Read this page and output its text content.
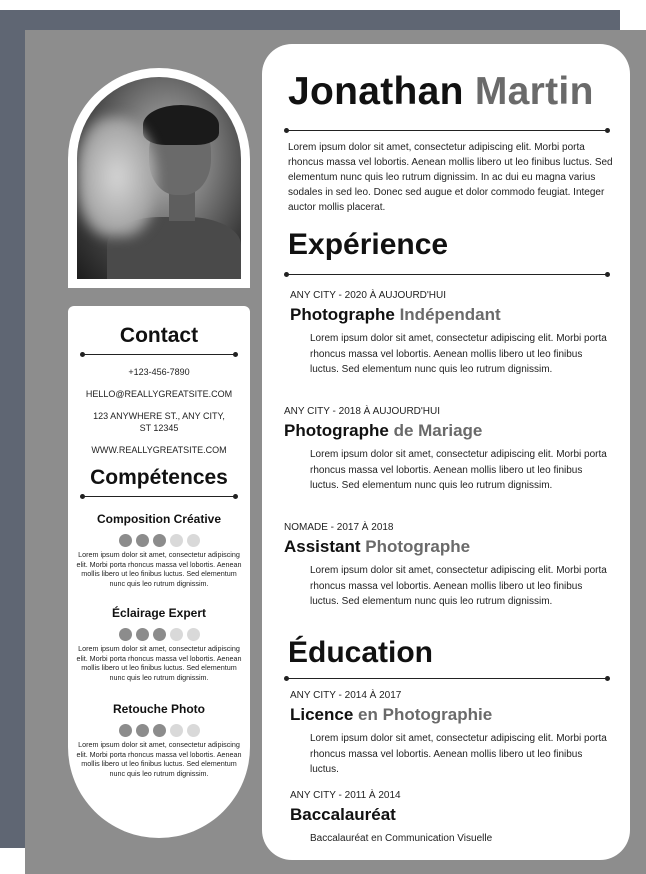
Contact
+123-456-7890
HELLO@REALLYGREATSITE.COM
123 ANYWHERE ST., ANY CITY, ST 12345
WWW.REALLYGREATSITE.COM
Compétences
Composition Créative
Lorem ipsum dolor sit amet, consectetur adipiscing elit. Morbi porta rhoncus massa vel lobortis. Aenean mollis libero ut leo finibus luctus. Sed elementum nunc quis leo rutrum dignissim.
Éclairage Expert
Lorem ipsum dolor sit amet, consectetur adipiscing elit. Morbi porta rhoncus massa vel lobortis. Aenean mollis libero ut leo finibus luctus. Sed elementum nunc quis leo rutrum dignissim.
Retouche Photo
Lorem ipsum dolor sit amet, consectetur adipiscing elit. Morbi porta rhoncus massa vel lobortis. Aenean mollis libero ut leo finibus luctus. Sed elementum nunc quis leo rutrum dignissim.
Jonathan Martin
Lorem ipsum dolor sit amet, consectetur adipiscing elit. Morbi porta rhoncus massa vel lobortis. Aenean mollis libero ut leo finibus luctus. Sed elementum nunc quis leo rutrum dignissim. In ac dui eu magna varius sodales in sed leo. Donec sed augue et dolor commodo feugiat. Integer auctor mollis placerat.
Expérience
ANY CITY - 2020 À AUJOURD'HUI
Photographe Indépendant
Lorem ipsum dolor sit amet, consectetur adipiscing elit. Morbi porta rhoncus massa vel lobortis. Aenean mollis libero ut leo finibus luctus. Sed elementum nunc quis leo rutrum dignissim.
ANY CITY - 2018 À AUJOURD'HUI
Photographe de Mariage
Lorem ipsum dolor sit amet, consectetur adipiscing elit. Morbi porta rhoncus massa vel lobortis. Aenean mollis libero ut leo finibus luctus. Sed elementum nunc quis leo rutrum dignissim.
NOMADE - 2017 À 2018
Assistant Photographe
Lorem ipsum dolor sit amet, consectetur adipiscing elit. Morbi porta rhoncus massa vel lobortis. Aenean mollis libero ut leo finibus luctus. Sed elementum nunc quis leo rutrum dignissim.
Éducation
ANY CITY - 2014 À 2017
Licence en Photographie
Lorem ipsum dolor sit amet, consectetur adipiscing elit. Morbi porta rhoncus massa vel lobortis. Aenean mollis libero ut leo finibus luctus.
ANY CITY - 2011 À 2014
Baccalauréat
Baccalauréat en Communication Visuelle
